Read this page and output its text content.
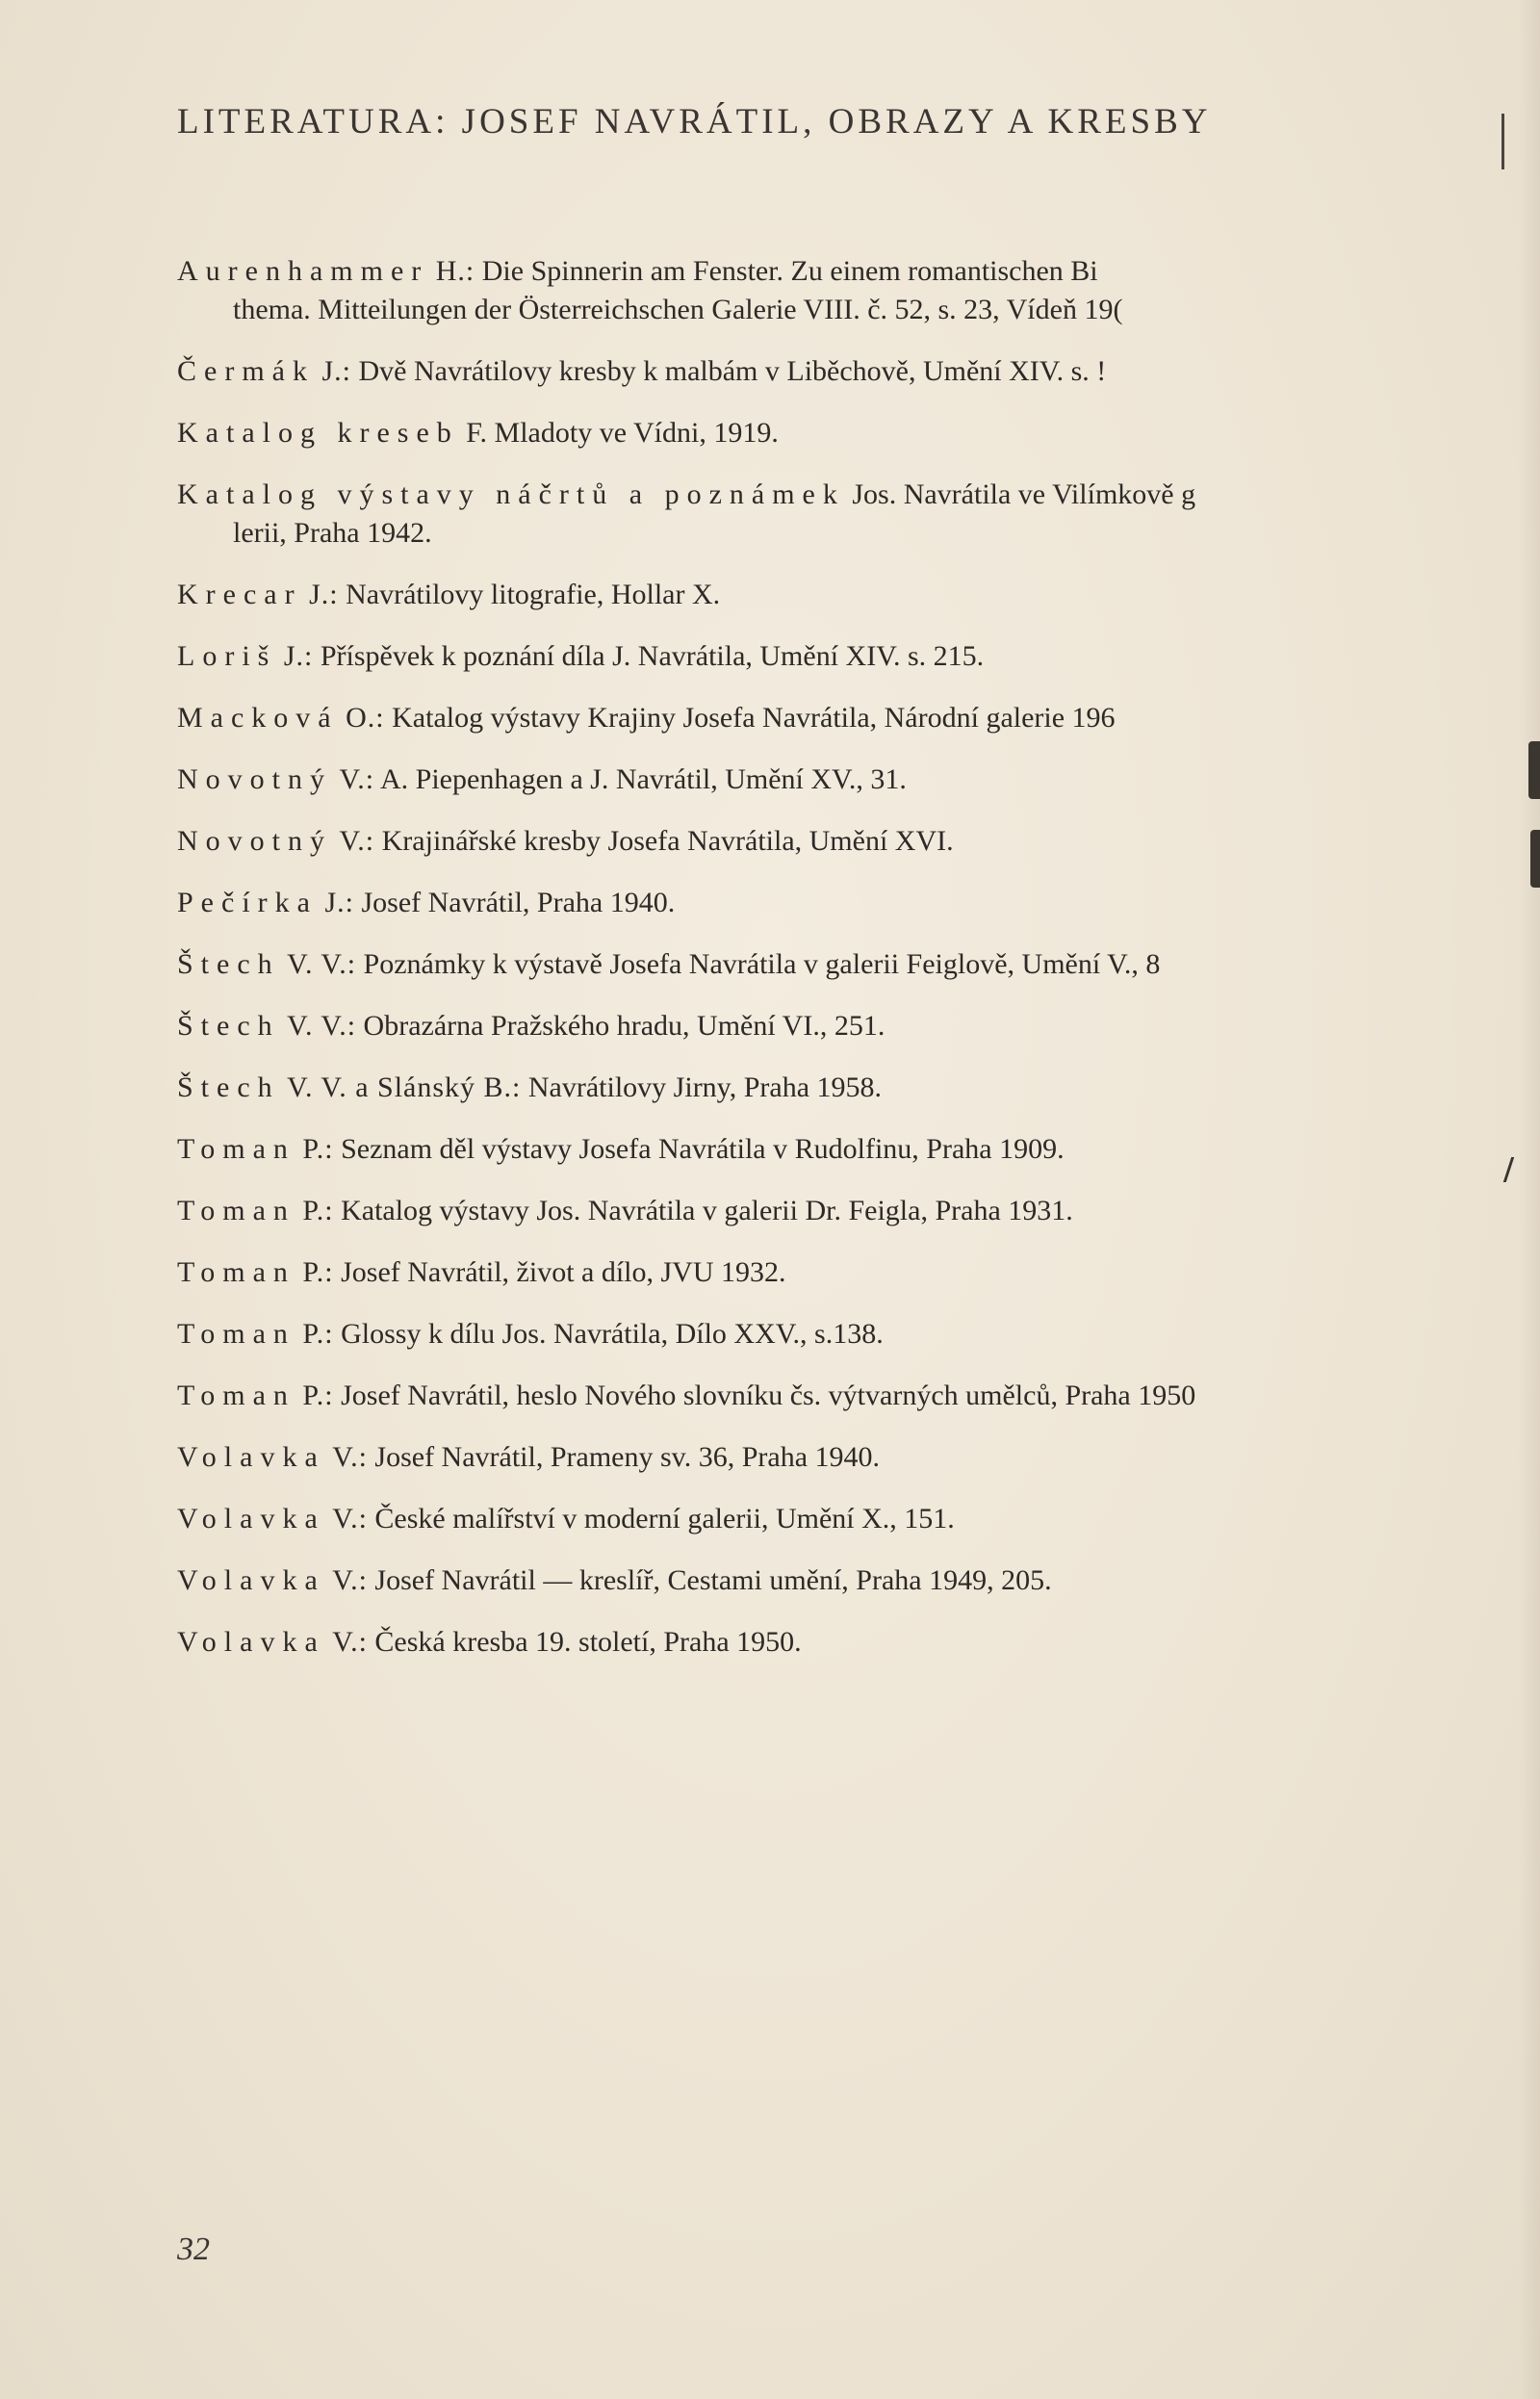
LITERATURA: JOSEF NAVRÁTIL, OBRAZY A KRESBY
Aurenhammer H.: Die Spinnerin am Fenster. Zu einem romantischen Bi
thema. Mitteilungen der Österreichschen Galerie VIII. č. 52, s. 23, Vídeň 19(
Čermák J.: Dvě Navrátilovy kresby k malbám v Liběchově, Umění XIV. s. !
Katalog kreseb F. Mladoty ve Vídni, 1919.
Katalog výstavy náčrtů a poznámek Jos. Navrátila ve Vilímkově g
lerii, Praha 1942.
Krecar J.: Navrátilovy litografie, Hollar X.
Loriš J.: Příspěvek k poznání díla J. Navrátila, Umění XIV. s. 215.
Macková O.: Katalog výstavy Krajiny Josefa Navrátila, Národní galerie 196
Novotný V.: A. Piepenhagen a J. Navrátil, Umění XV., 31.
Novotný V.: Krajinářské kresby Josefa Navrátila, Umění XVI.
Pečírka J.: Josef Navrátil, Praha 1940.
Štech V. V.: Poznámky k výstavě Josefa Navrátila v galerii Feiglově, Umění V., 8
Štech V. V.: Obrazárna Pražského hradu, Umění VI., 251.
Štech V. V. a Slánský B.: Navrátilovy Jirny, Praha 1958.
Toman P.: Seznam děl výstavy Josefa Navrátila v Rudolfinu, Praha 1909.
Toman P.: Katalog výstavy Jos. Navrátila v galerii Dr. Feigla, Praha 1931.
Toman P.: Josef Navrátil, život a dílo, JVU 1932.
Toman P.: Glossy k dílu Jos. Navrátila, Dílo XXV., s.138.
Toman P.: Josef Navrátil, heslo Nového slovníku čs. výtvarných umělců, Praha 1950
Volavka V.: Josef Navrátil, Prameny sv. 36, Praha 1940.
Volavka V.: České malířství v moderní galerii, Umění X., 151.
Volavka V.: Josef Navrátil — kreslíř, Cestami umění, Praha 1949, 205.
Volavka V.: Česká kresba 19. století, Praha 1950.
32
